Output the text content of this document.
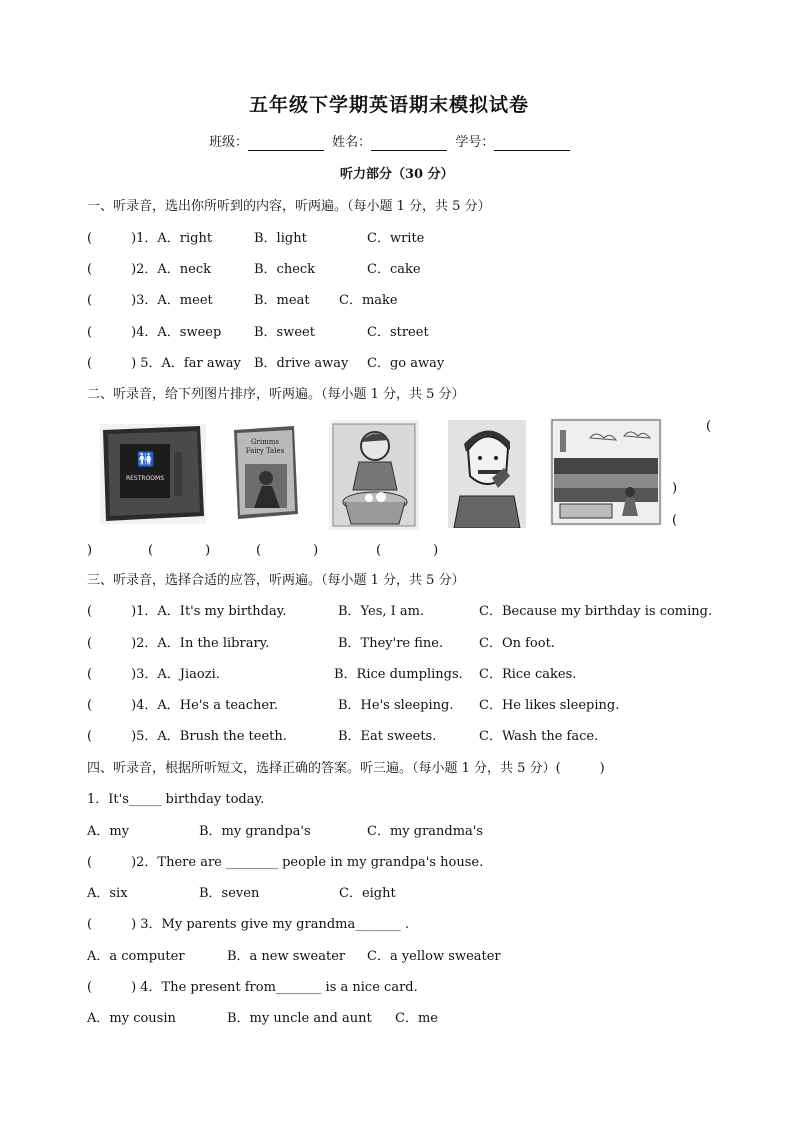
五年级下学期英语期末模拟试卷
班级：	姓名：	学号：
听力部分（30 分）
一、听录音，选出你所听到的内容，听两遍。（每小题 1 分，共 5 分）
(　　　)1．A．right	B．light	C．write
(　　　)2．A．neck	B．check	C．cake
(　　　)3．A．meet	B．meat C．make
(　　　)4．A．sweep	B．sweet	C．street
(　　　) 5．A．far away B．drive away C．go away
二、听录音，给下列图片排序，听两遍。（每小题 1 分，共 5 分）
🚻
RESTROOMS
Grimms
Fairy Tales
(
)
(
)	(　　　　)	(　　　　)	(　　　　)
三、听录音，选择合适的应答，听两遍。（每小题 1 分，共 5 分）
(　　　)1．A．It's my birthday.	B．Yes, I am.	C．Because my birthday is coming.
(　　　)2．A．In the library.	B．They're fine.	C．On foot.
(　　　)3．A．Jiaozi.	B．Rice dumplings. C．Rice cakes.
(　　　)4．A．He's a teacher.	B．He's sleeping. C．He likes sleeping.
(　　　)5．A．Brush the teeth.	B．Eat sweets.	C．Wash the face.
四、听录音，根据所听短文，选择正确的答案。听三遍。（每小题 1 分，共 5 分）(　　　)
1．It's_____ birthday today.
A．my	B．my grandpa's	C．my grandma's
(　　　)2．There are ________ people in my grandpa's house.
A．six	B．seven	C．eight
(　　　) 3．My parents give my grandma_______ .
A．a computer	B．a new sweater C．a yellow sweater
(　　　) 4．The present from_______ is a nice card.
A．my cousin	B．my uncle and aunt C．me
